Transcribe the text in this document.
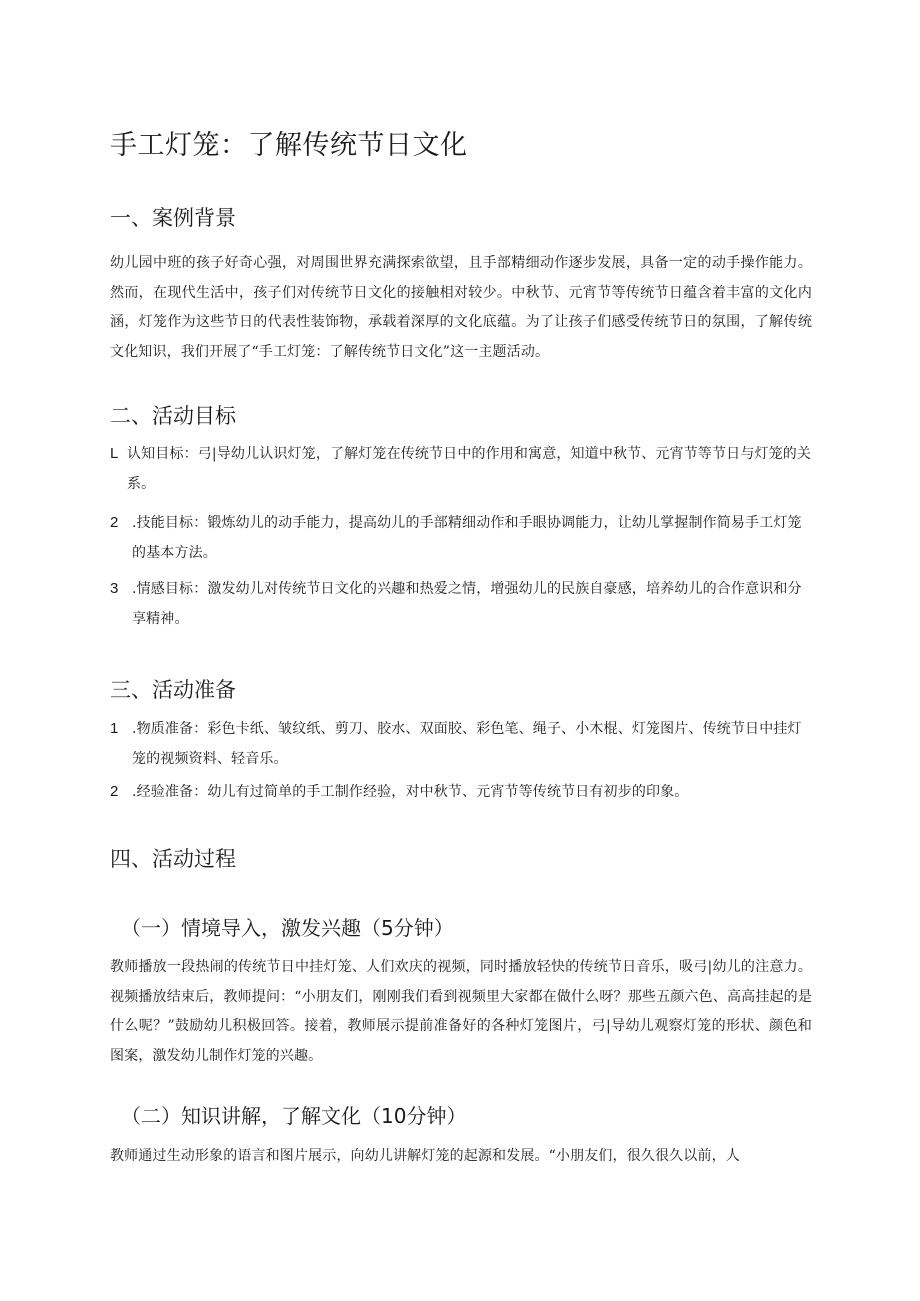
手工灯笼：了解传统节日文化
一、案例背景

幼儿园中班的孩子好奇心强，对周围世界充满探索欲望，且手部精细动作逐步发展，具备一定的动手操作能力。然而，在现代生活中，孩子们对传统节日文化的接触相对较少。中秋节、元宵节等传统节日蕴含着丰富的文化内涵，灯笼作为这些节日的代表性装饰物，承载着深厚的文化底蕴。为了让孩子们感受传统节日的氛围，了解传统文化知识，我们开展了“手工灯笼：了解传统节日文化”这一主题活动。

二、活动目标
L 认知目标：弓|导幼儿认识灯笼，了解灯笼在传统节日中的作用和寓意，知道中秋节、元宵节等节日与灯笼的关系。
2 .技能目标：锻炼幼儿的动手能力，提高幼儿的手部精细动作和手眼协调能力，让幼儿掌握制作简易手工灯笼的基本方法。
3 .情感目标：激发幼儿对传统节日文化的兴趣和热爱之情，增强幼儿的民族自豪感，培养幼儿的合作意识和分享精神。
三、活动准备
1 .物质准备：彩色卡纸、皱纹纸、剪刀、胶水、双面胶、彩色笔、绳子、小木棍、灯笼图片、传统节日中挂灯笼的视频资料、轻音乐。
2 .经验准备：幼儿有过简单的手工制作经验，对中秋节、元宵节等传统节日有初步的印象。
四、活动过程
（一）情境导入，激发兴趣（5分钟）

教师播放一段热闹的传统节日中挂灯笼、人们欢庆的视频，同时播放轻快的传统节日音乐，吸弓|幼儿的注意力。视频播放结束后，教师提问：“小朋友们，刚刚我们看到视频里大家都在做什么呀？那些五颜六色、高高挂起的是什么呢？”鼓励幼儿积极回答。接着，教师展示提前准备好的各种灯笼图片，弓|导幼儿观察灯笼的形状、颜色和图案，激发幼儿制作灯笼的兴趣。

（二）知识讲解，了解文化（10分钟）

教师通过生动形象的语言和图片展示，向幼儿讲解灯笼的起源和发展。“小朋友们，很久很久以前，人
